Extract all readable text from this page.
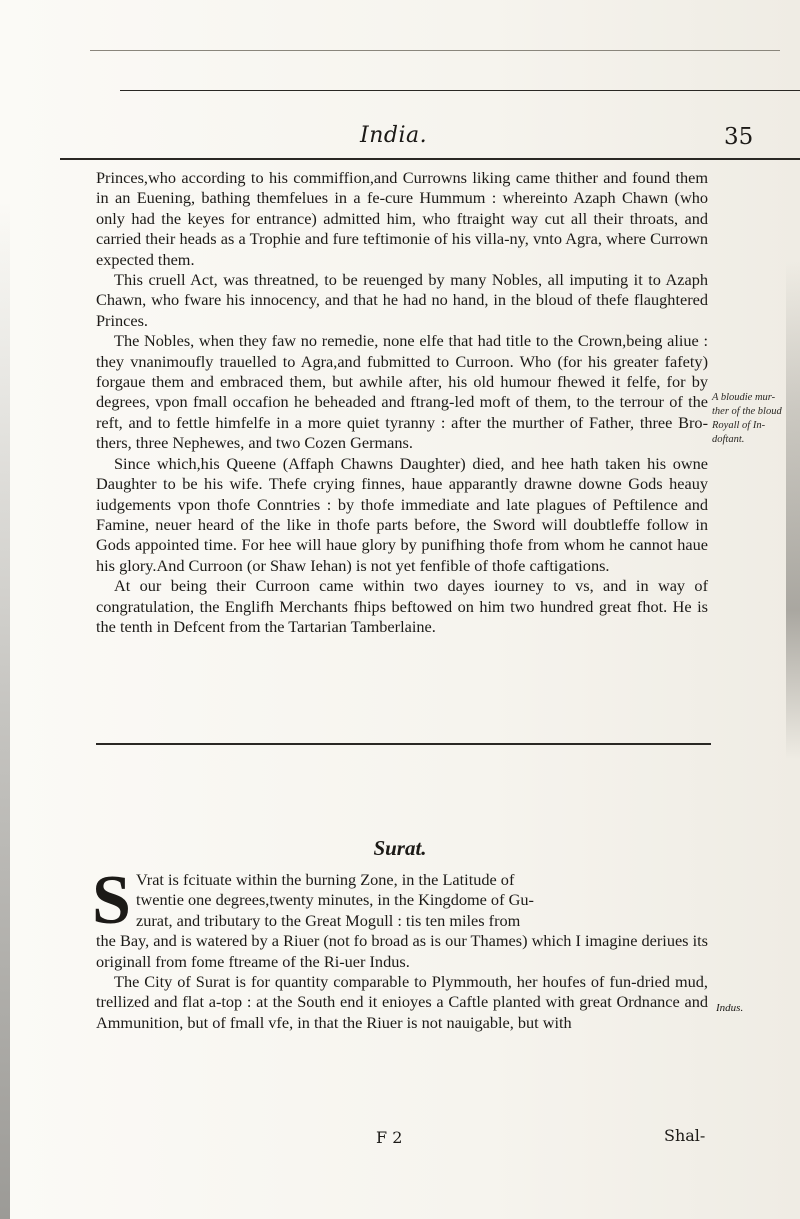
India.	35

Princes,who according to his commiffion,and Currowns liking came thither and found them in an Euening, bathing themfelues in a fe-cure Hummum : whereinto Azaph Chawn (who only had the keyes for entrance) admitted him, who ftraight way cut all their throats, and carried their heads as a Trophie and fure teftimonie of his villa-ny, vnto Agra, where Currown expected them.

This cruell Act, was threatned, to be reuenged by many Nobles, all imputing it to Azaph Chawn, who fware his innocency, and that he had no hand, in the bloud of thefe flaughtered Princes.

The Nobles, when they faw no remedie, none elfe that had title to the Crown,being aliue : they vnanimoufly trauelled to Agra,and fubmitted to Curroon. Who (for his greater fafety) forgaue them and embraced them, but awhile after, his old humour fhewed it felfe, for by degrees, vpon fmall occafion he beheaded and ftrang-led moft of them, to the terrour of the reft, and to fettle himfelfe in a more quiet tyranny : after the murther of Father, three Bro-thers, three Nephewes, and two Cozen Germans.

Since which,his Queene (Affaph Chawns Daughter) died, and hee hath taken his owne Daughter to be his wife. Thefe crying finnes, haue apparantly drawne downe Gods heauy iudgements vpon thofe Conntries : by thofe immediate and late plagues of Peftilence and Famine, neuer heard of the like in thofe parts before, the Sword will doubtleffe follow in Gods appointed time. For hee will haue glory by punifhing thofe from whom he cannot haue his glory.And Curroon (or Shaw Iehan) is not yet fenfible of thofe caftigations.

At our being their Curroon came within two dayes iourney to vs, and in way of congratulation, the Englifh Merchants fhips beftowed on him two hundred great fhot. He is the tenth in Defcent from the Tartarian Tamberlaine.

A bloudie mur-
ther of the bloud
Royall of In-
doftant.
Surat.
S Vrat is fcituate within the burning Zone, in the Latitude of

twentie one degrees,twenty minutes, in the Kingdome of Gu-

zurat, and tributary to the Great Mogull : tis ten miles from

the Bay, and is watered by a Riuer (not fo broad as is our Thames) which I imagine deriues its originall from fome ftreame of the Ri-uer Indus.

The City of Surat is for quantity comparable to Plymmouth, her houfes of fun-dried mud, trellized and flat a-top : at the South end it enioyes a Caftle planted with great Ordnance and Ammunition, but of fmall vfe, in that the Riuer is not nauigable, but with

Indus.
F 2	Shal-
